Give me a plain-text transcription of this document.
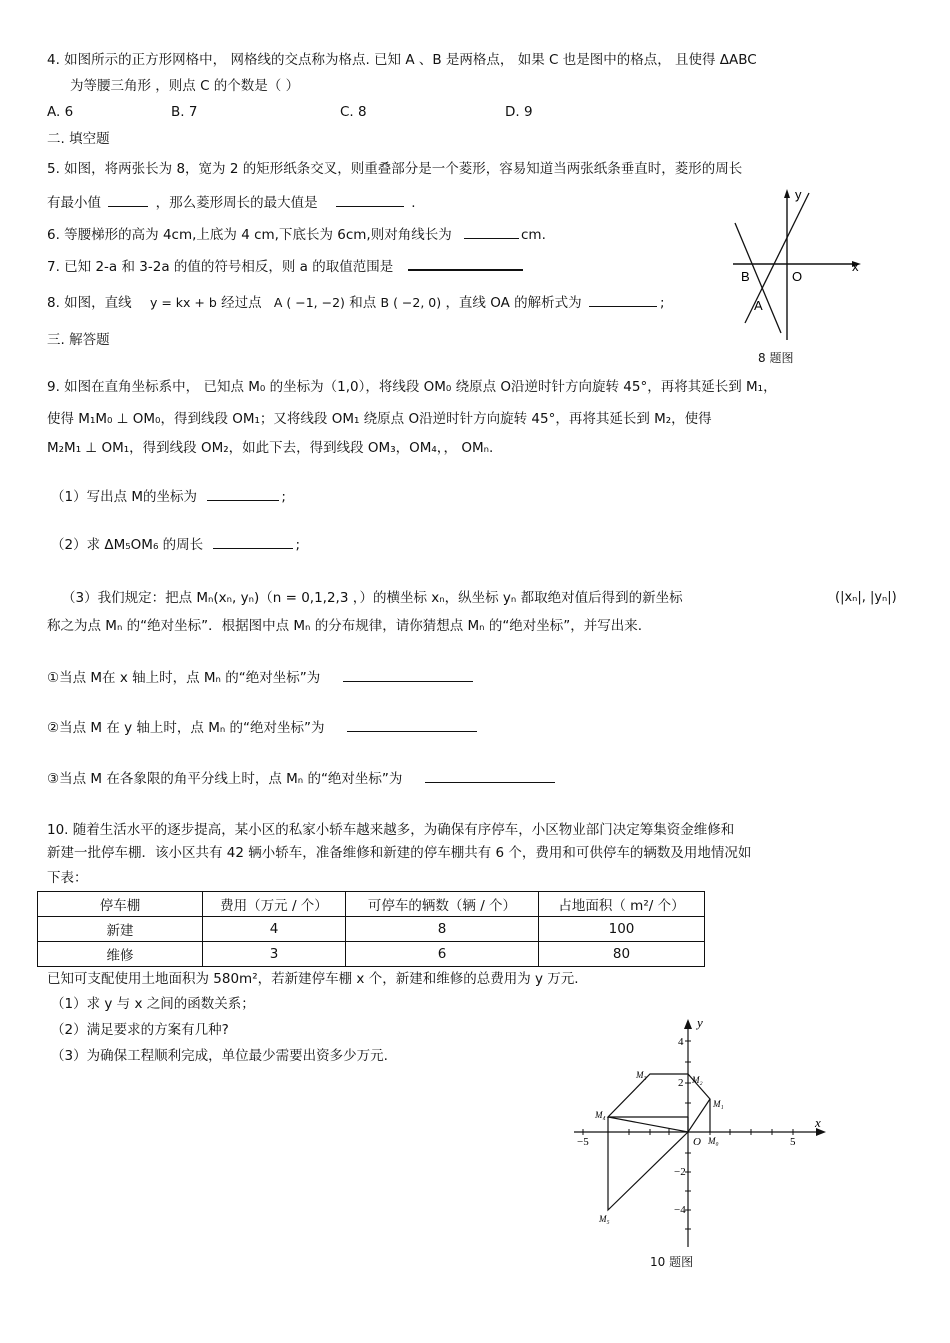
4. 如图所示的正方形网格中， 网格线的交点称为格点. 已知 A 、B 是两格点， 如果 C 也是图中的格点， 且使得 ΔABC
为等腰三角形 ，则点 C 的个数是（ ）
A. 6	B. 7	C. 8	D. 9
二. 填空题
5. 如图，将两张长为 8，宽为 2 的矩形纸条交叉，则重叠部分是一个菱形，容易知道当两张纸条垂直时，菱形的周长
有最小值	，那么菱形周长的最大值是	.
6. 等腰梯形的高为 4cm,上底为 4 cm,下底长为 6cm,则对角线长为	cm.
7. 已知 2-a 和 3-2a 的值的符号相反，则 a 的取值范围是
8. 如图，直线 y = kx + b 经过点 A ( −1, −2) 和点 B ( −2, 0) ，直线 OA 的解析式为	;
y
x
B	O
A
8 题图
三. 解答题
9. 如图在直角坐标系中， 已知点 M₀ 的坐标为（1,0），将线段 OM₀ 绕原点 O沿逆时针方向旋转 45°，再将其延长到 M₁，
使得 M₁M₀ ⊥ OM₀，得到线段 OM₁；又将线段 OM₁ 绕原点 O沿逆时针方向旋转 45°，再将其延长到 M₂，使得
M₂M₁ ⊥ OM₁，得到线段 OM₂，如此下去，得到线段 OM₃，OM₄，， OMₙ.
（1）写出点 M的坐标为	;
（2）求 ΔM₅OM₆ 的周长	;
（3）我们规定：把点 Mₙ(xₙ, yₙ)（n = 0,1,2,3 ，）的横坐标 xₙ，纵坐标 yₙ 都取绝对值后得到的新坐标	(|xₙ|, |yₙ|)
称之为点 Mₙ 的“绝对坐标”．根据图中点 Mₙ 的分布规律，请你猜想点 Mₙ 的“绝对坐标”，并写出来.
①当点 M在 x 轴上时，点 Mₙ 的“绝对坐标”为
②当点 M 在 y 轴上时，点 Mₙ 的“绝对坐标”为
③当点 M 在各象限的角平分线上时，点 Mₙ 的“绝对坐标”为
10. 随着生活水平的逐步提高，某小区的私家小轿车越来越多，为确保有序停车，小区物业部门决定筹集资金维修和
新建一批停车棚．该小区共有 42 辆小轿车，准备维修和新建的停车棚共有 6 个，费用和可供停车的辆数及用地情况如
下表：
停车棚	费用（万元 / 个）	可停车的辆数（辆 / 个）	占地面积（ m²/ 个）
新建	4	8	100
维修	3	6	80
已知可支配使用土地面积为 580m²，若新建停车棚 x 个，新建和维修的总费用为 y 万元.
（1）求 y 与 x 之间的函数关系；
（2）满足要求的方案有几种?
（3）为确保工程顺利完成，单位最少需要出资多少万元.
y
x
O
−5	5
4
2
−2
−4
M₀
M₁
M₂
M₃
M₄
M₅
10 题图
